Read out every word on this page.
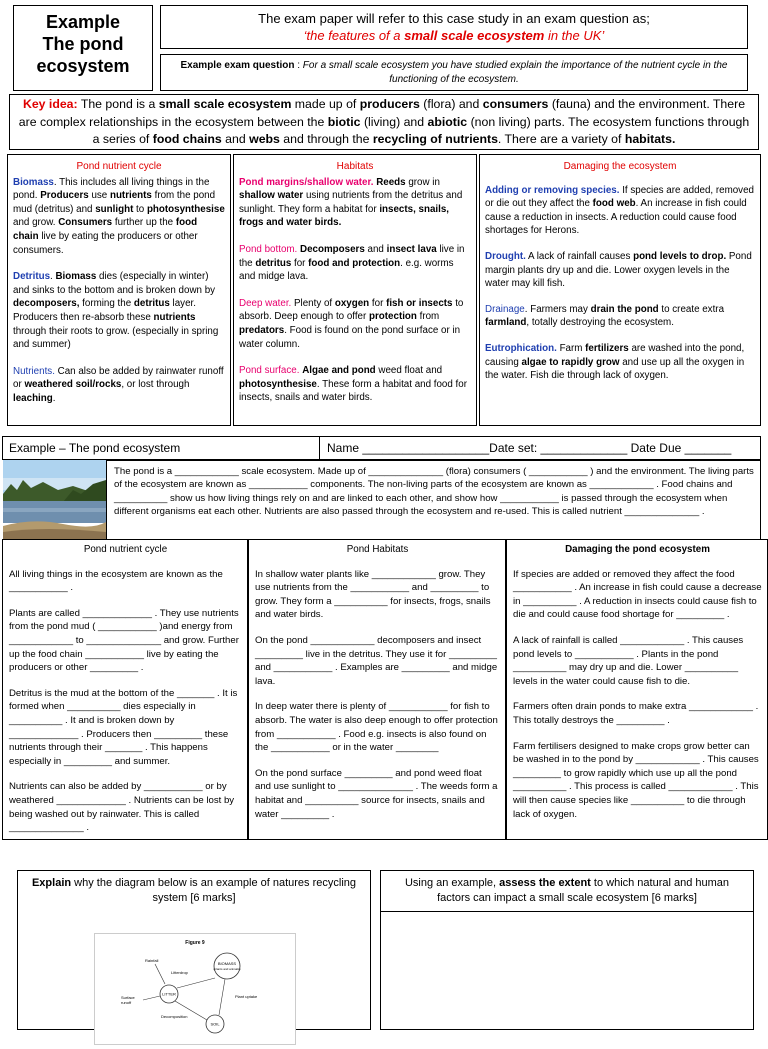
Example
The pond
ecosystem

The exam paper will refer to this case study in an exam question as;

‘the features of a small scale ecosystem in the UK’

Example exam question : For a small scale ecosystem you have studied explain the importance of the nutrient cycle in the functioning of the ecosystem.
Key idea: The pond is a small scale ecosystem made up of producers (flora) and consumers (fauna) and the environment. There are complex relationships in the ecosystem between the biotic (living) and abiotic (non living) parts. The ecosystem functions through a series of food chains and webs and through the recycling of nutrients. There are a variety of habitats.
Pond nutrient cycle

Biomass. This includes all living things in the pond. Producers use nutrients from the pond mud (detritus) and sunlight to photosynthesise and grow. Consumers further up the food chain live by eating the producers or other consumers.

Detritus. Biomass dies (especially in winter) and sinks to the bottom and is broken down by decomposers, forming the detritus layer. Producers then re-absorb these nutrients through their roots to grow. (especially in spring and summer)

Nutrients. Can also be added by rainwater runoff or weathered soil/rocks, or lost through leaching.

Habitats

Pond margins/shallow water. Reeds grow in shallow water using nutrients from the detritus and sunlight. They form a habitat for insects, snails, frogs and water birds.

Pond bottom. Decomposers and insect lava live in the detritus for food and protection. e.g. worms and midge lava.

Deep water. Plenty of oxygen for fish or insects to absorb. Deep enough to offer protection from predators. Food is found on the pond surface or in water column.

Pond surface. Algae and pond weed float and photosynthesise. These form a habitat and food for insects, snails and water birds.

Damaging the ecosystem

Adding or removing species. If species are added, removed or die out they affect the food web. An increase in fish could cause a reduction in insects. A reduction could cause food shortages for Herons.

Drought. A lack of rainfall causes pond levels to drop. Pond margin plants dry up and die. Lower oxygen levels in the water may kill fish.

Drainage. Farmers may drain the pond to create extra farmland, totally destroying the ecosystem.

Eutrophication. Farm fertilizers are washed into the pond, causing algae to rapidly grow and use up all the oxygen in the water. Fish die through lack of oxygen.

Example – The pond ecosystem	Name ___________________Date set: _____________ Date Due _______
The pond is a ____________ scale ecosystem. Made up of ______________ (flora) consumers ( ___________ ) and the environment. The living parts of the ecosystem are known as ___________ components. The non-living parts of the ecosystem are known as ____________ . Food chains and __________ show us how living things rely on and are linked to each other, and show how ___________ is passed through the ecosystem when different organisms eat each other. Nutrients are also passed through the ecosystem and re-used. This is called nutrient ______________ .
Pond nutrient cycle

All living things in the ecosystem are known as the ___________ .

Plants are called _____________ . They use nutrients from the pond mud ( ___________ )and energy from ____________ to ______________ and grow. Further up the food chain ___________ live by eating the producers or other _________ .

Detritus is the mud at the bottom of the _______ . It is formed when __________ dies especially in __________ . It and is broken down by _____________ . Producers then _________ these nutrients through their _______ . This happens especially in _________ and summer.

Nutrients can also be added by ___________ or by weathered _____________ . Nutrients can be lost by being washed out by rainwater. This is called ______________ .

Pond Habitats

In shallow water plants like ____________ grow. They use nutrients from the ___________ and _________ to grow. They form a __________ for insects, frogs, snails and water birds.

On the pond ____________ decomposers and insect _________ live in the detritus. They use it for _________ and ___________ . Examples are _________ and midge lava.

In deep water there is plenty of ___________ for fish to absorb. The water is also deep enough to offer protection from ___________ . Food e.g. insects is also found on the ___________ or in the water ________

On the pond surface _________ and pond weed float and use sunlight to ______________ . The weeds form a habitat and __________ source for insects, snails and water _________ .

Damaging the pond ecosystem

If species are added or removed they affect the food ___________ . An increase in fish could cause a decrease in __________ . A reduction in insects could cause fish to die and could cause food shortage for _________ .

A lack of rainfall is called ____________ . This causes pond levels to ___________ . Plants in the pond __________ may dry up and die. Lower __________ levels in the water could cause fish to die.

Farmers often drain ponds to make extra ____________ . This totally destroys the _________ .

Farm fertilisers designed to make crops grow better can be washed in to the pond by ____________ . This causes _________ to grow rapidly which use up all the pond __________ . This process is called ____________ . This will then cause species like __________ to die through lack of oxygen.

Explain why the diagram below is an example of natures recycling system [6 marks]

Figure 9
Rainfall
Litterdrop
BIOMASS
(plants and animals)
LITTER
Surface
runoff
Plant uptake
Decomposition
SOIL

Using an example, assess the extent to which natural and human factors can impact a small scale ecosystem [6 marks]
